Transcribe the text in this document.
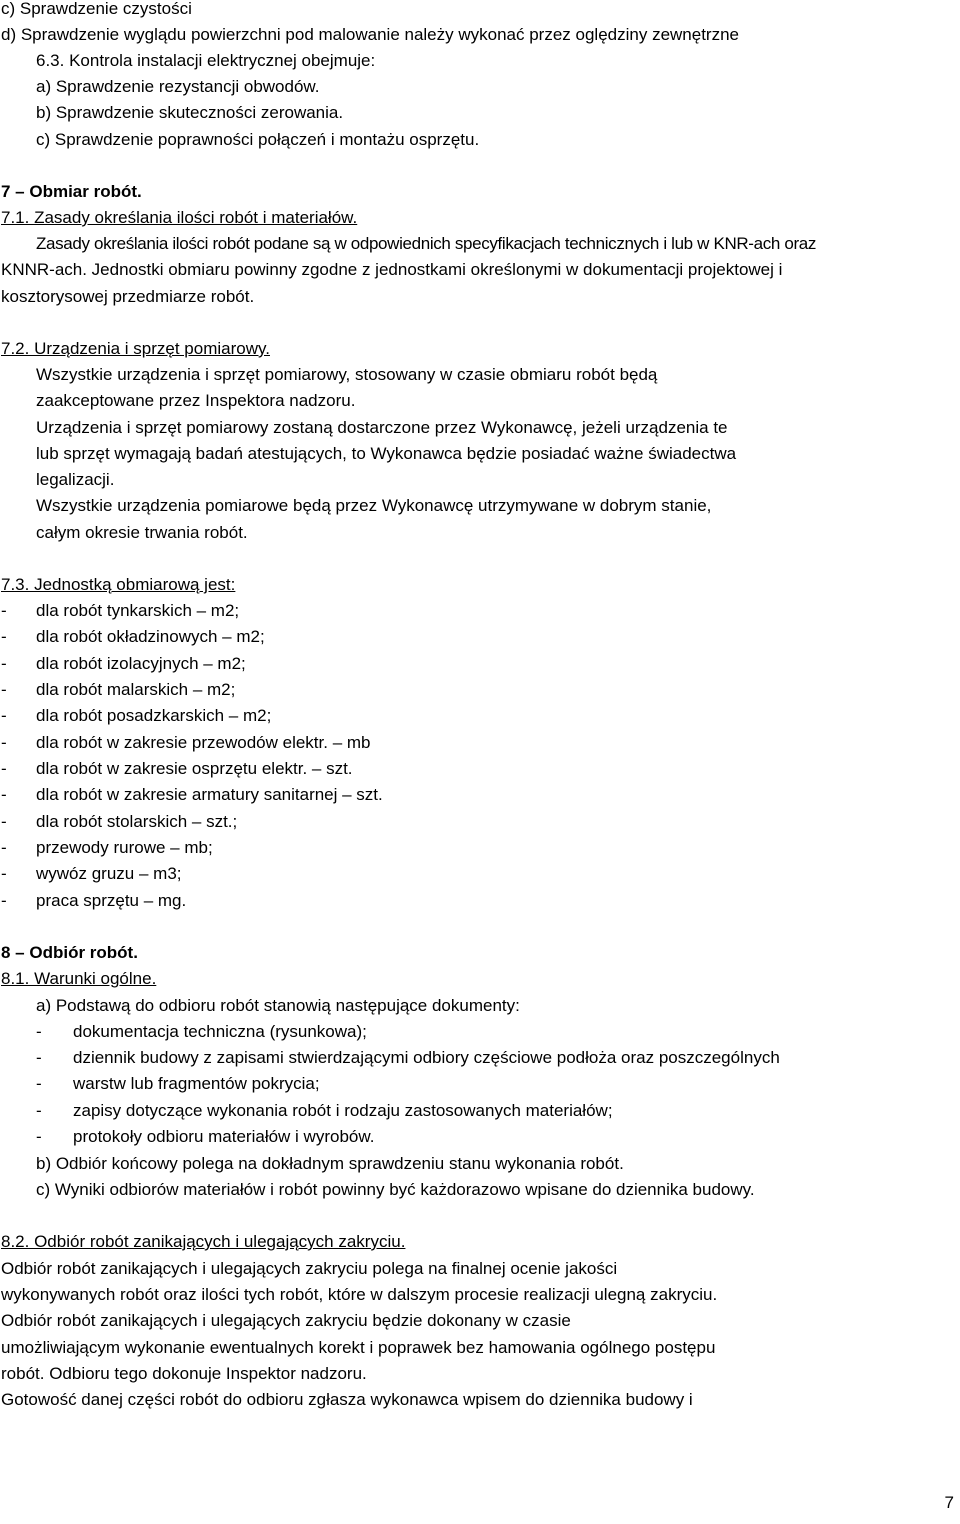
c) Sprawdzenie czystości
d) Sprawdzenie wyglądu powierzchni pod malowanie należy wykonać przez oględziny zewnętrzne
6.3. Kontrola instalacji elektrycznej obejmuje:
a) Sprawdzenie rezystancji obwodów.
b) Sprawdzenie skuteczności zerowania.
c) Sprawdzenie poprawności połączeń i montażu osprzętu.
7 – Obmiar robót.
7.1. Zasady określania ilości robót i materiałów.
Zasady określania ilości robót podane są w odpowiednich specyfikacjach technicznych i lub w KNR-ach oraz
KNNR-ach. Jednostki obmiaru powinny zgodne z jednostkami określonymi w dokumentacji projektowej i
kosztorysowej przedmiarze robót.
7.2. Urządzenia i sprzęt pomiarowy.
Wszystkie urządzenia i sprzęt pomiarowy, stosowany w czasie obmiaru robót będą
zaakceptowane przez Inspektora nadzoru.
Urządzenia i sprzęt pomiarowy zostaną dostarczone przez Wykonawcę, jeżeli urządzenia te
lub sprzęt wymagają badań atestujących, to Wykonawca będzie posiadać ważne świadectwa
legalizacji.
Wszystkie urządzenia pomiarowe będą przez Wykonawcę utrzymywane w dobrym stanie,
całym okresie trwania robót.
7.3. Jednostką obmiarową jest:
- dla robót tynkarskich – m2;
- dla robót okładzinowych – m2;
- dla robót izolacyjnych – m2;
- dla robót malarskich – m2;
- dla robót posadzkarskich – m2;
- dla robót w zakresie przewodów elektr. – mb
- dla robót w zakresie osprzętu elektr. – szt.
- dla robót w zakresie armatury sanitarnej – szt.
- dla robót stolarskich – szt.;
- przewody rurowe – mb;
- wywóz gruzu – m3;
- praca sprzętu – mg.
8 – Odbiór robót.
8.1. Warunki ogólne.
a) Podstawą do odbioru robót stanowią następujące dokumenty:
- dokumentacja techniczna (rysunkowa);
- dziennik budowy z zapisami stwierdzającymi odbiory częściowe podłoża oraz poszczególnych
- warstw lub fragmentów pokrycia;
- zapisy dotyczące wykonania robót i rodzaju zastosowanych materiałów;
- protokoły odbioru materiałów i wyrobów.
b) Odbiór końcowy polega na dokładnym sprawdzeniu stanu wykonania robót.
c) Wyniki odbiorów materiałów i robót powinny być każdorazowo wpisane do dziennika budowy.
8.2. Odbiór robót zanikających i ulegających zakryciu.
Odbiór robót zanikających i ulegających zakryciu polega na finalnej ocenie jakości
wykonywanych robót oraz ilości tych robót, które w dalszym procesie realizacji ulegną zakryciu.
Odbiór robót zanikających i ulegających zakryciu będzie dokonany w czasie
umożliwiającym wykonanie ewentualnych korekt i poprawek bez hamowania ogólnego postępu
robót. Odbioru tego dokonuje Inspektor nadzoru.
Gotowość danej części robót do odbioru zgłasza wykonawca wpisem do dziennika budowy i
7
